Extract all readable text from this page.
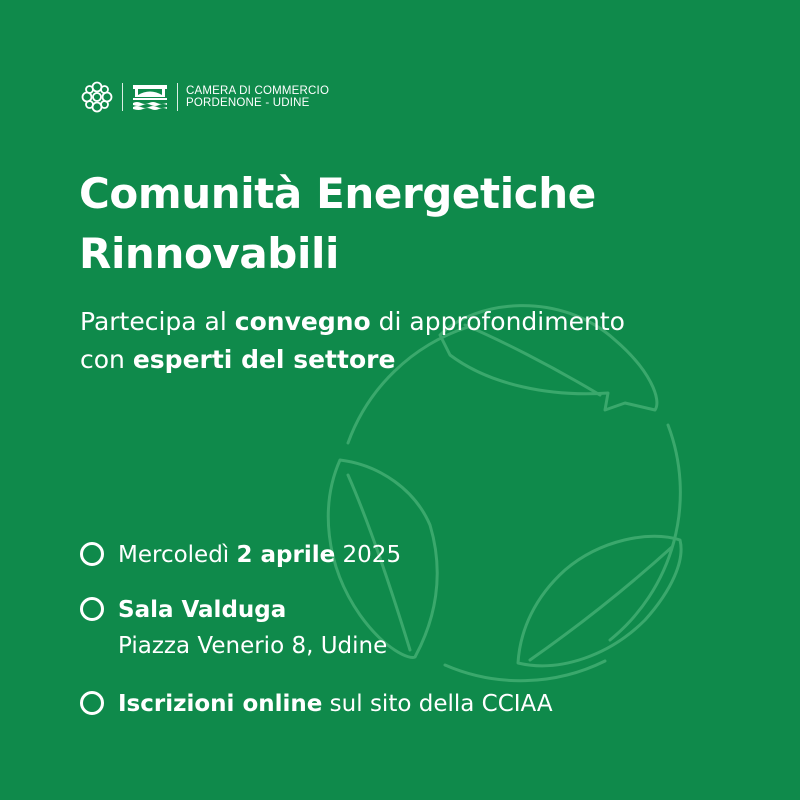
CAMERA DI COMMERCIO
PORDENONE - UDINE
Comunità Energetiche
Rinnovabili
Partecipa al convegno di approfondimento
con esperti del settore
Mercoledì 2 aprile 2025
Sala Valduga
Piazza Venerio 8, Udine
Iscrizioni online sul sito della CCIAA
